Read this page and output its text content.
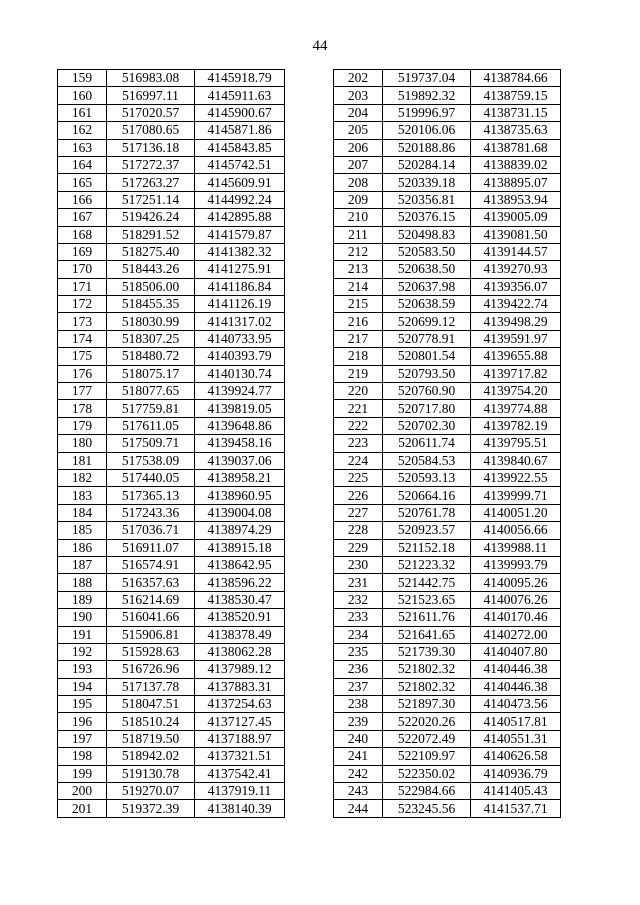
44
159	516983.08	4145918.79
160	516997.11	4145911.63
161	517020.57	4145900.67
162	517080.65	4145871.86
163	517136.18	4145843.85
164	517272.37	4145742.51
165	517263.27	4145609.91
166	517251.14	4144992.24
167	519426.24	4142895.88
168	518291.52	4141579.87
169	518275.40	4141382.32
170	518443.26	4141275.91
171	518506.00	4141186.84
172	518455.35	4141126.19
173	518030.99	4141317.02
174	518307.25	4140733.95
175	518480.72	4140393.79
176	518075.17	4140130.74
177	518077.65	4139924.77
178	517759.81	4139819.05
179	517611.05	4139648.86
180	517509.71	4139458.16
181	517538.09	4139037.06
182	517440.05	4138958.21
183	517365.13	4138960.95
184	517243.36	4139004.08
185	517036.71	4138974.29
186	516911.07	4138915.18
187	516574.91	4138642.95
188	516357.63	4138596.22
189	516214.69	4138530.47
190	516041.66	4138520.91
191	515906.81	4138378.49
192	515928.63	4138062.28
193	516726.96	4137989.12
194	517137.78	4137883.31
195	518047.51	4137254.63
196	518510.24	4137127.45
197	518719.50	4137188.97
198	518942.02	4137321.51
199	519130.78	4137542.41
200	519270.07	4137919.11
201	519372.39	4138140.39
202	519737.04	4138784.66
203	519892.32	4138759.15
204	519996.97	4138731.15
205	520106.06	4138735.63
206	520188.86	4138781.68
207	520284.14	4138839.02
208	520339.18	4138895.07
209	520356.81	4138953.94
210	520376.15	4139005.09
211	520498.83	4139081.50
212	520583.50	4139144.57
213	520638.50	4139270.93
214	520637.98	4139356.07
215	520638.59	4139422.74
216	520699.12	4139498.29
217	520778.91	4139591.97
218	520801.54	4139655.88
219	520793.50	4139717.82
220	520760.90	4139754.20
221	520717.80	4139774.88
222	520702.30	4139782.19
223	520611.74	4139795.51
224	520584.53	4139840.67
225	520593.13	4139922.55
226	520664.16	4139999.71
227	520761.78	4140051.20
228	520923.57	4140056.66
229	521152.18	4139988.11
230	521223.32	4139993.79
231	521442.75	4140095.26
232	521523.65	4140076.26
233	521611.76	4140170.46
234	521641.65	4140272.00
235	521739.30	4140407.80
236	521802.32	4140446.38
237	521802.32	4140446.38
238	521897.30	4140473.56
239	522020.26	4140517.81
240	522072.49	4140551.31
241	522109.97	4140626.58
242	522350.02	4140936.79
243	522984.66	4141405.43
244	523245.56	4141537.71
